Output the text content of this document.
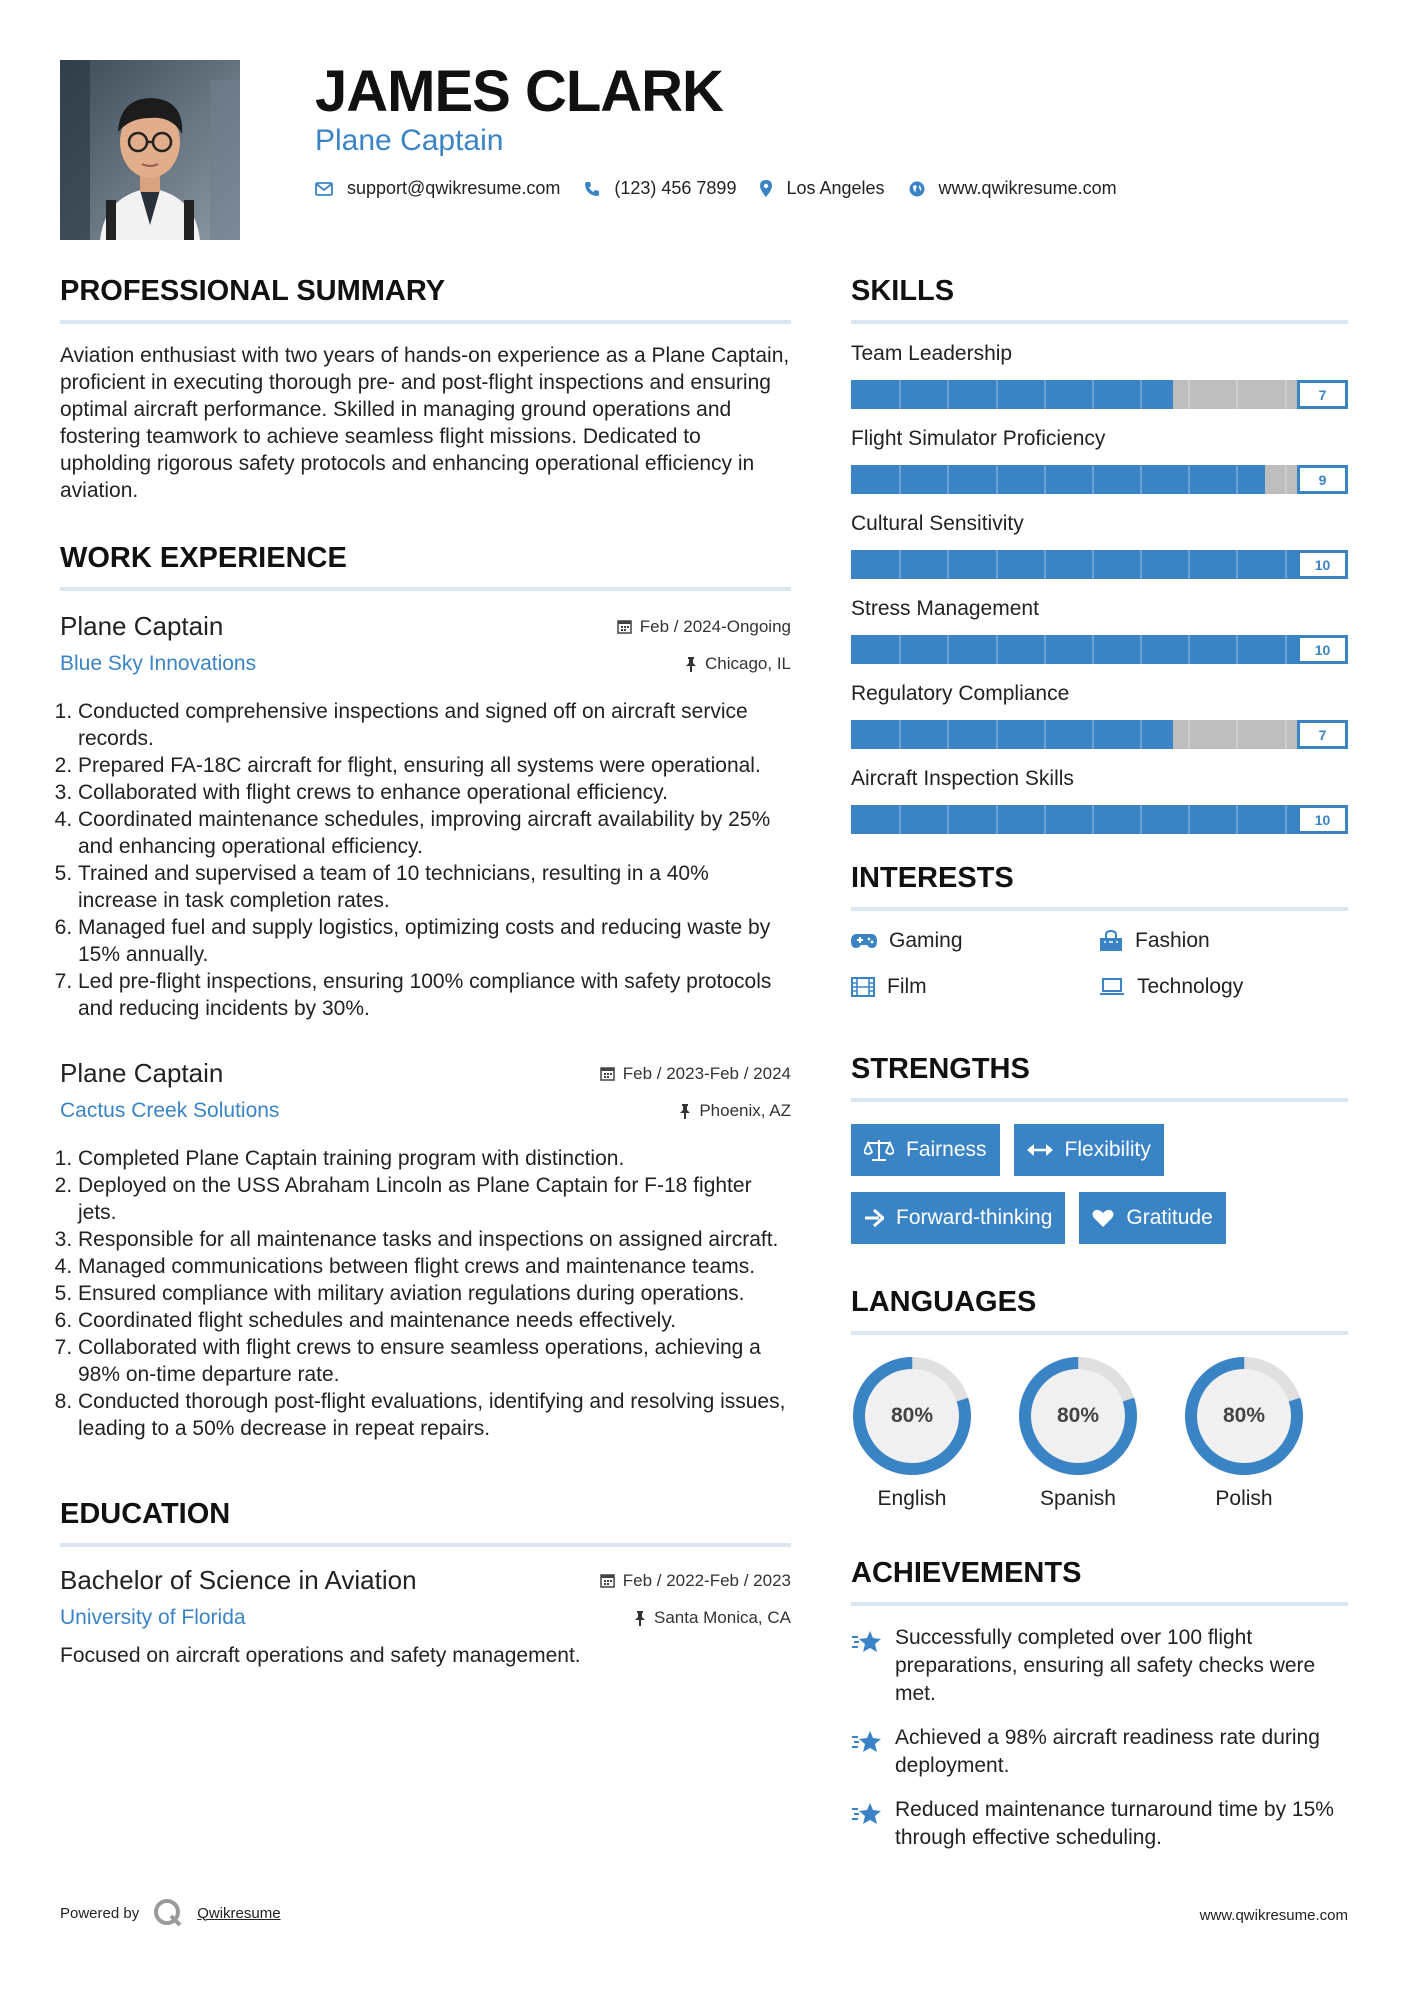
JAMES CLARK
Plane Captain
support@qwikresume.com	(123) 456 7899	Los Angeles	www.qwikresume.com
PROFESSIONAL SUMMARY
Aviation enthusiast with two years of hands-on experience as a Plane Captain, proficient in executing thorough pre- and post-flight inspections and ensuring optimal aircraft performance. Skilled in managing ground operations and fostering teamwork to achieve seamless flight missions. Dedicated to upholding rigorous safety protocols and enhancing operational efficiency in aviation.
WORK EXPERIENCE
Plane Captain	Feb / 2024-Ongoing
Blue Sky Innovations	Chicago, IL
1. Conducted comprehensive inspections and signed off on aircraft service records.
2. Prepared FA-18C aircraft for flight, ensuring all systems were operational.
3. Collaborated with flight crews to enhance operational efficiency.
4. Coordinated maintenance schedules, improving aircraft availability by 25% and enhancing operational efficiency.
5. Trained and supervised a team of 10 technicians, resulting in a 40% increase in task completion rates.
6. Managed fuel and supply logistics, optimizing costs and reducing waste by 15% annually.
7. Led pre-flight inspections, ensuring 100% compliance with safety protocols and reducing incidents by 30%.
Plane Captain	Feb / 2023-Feb / 2024
Cactus Creek Solutions	Phoenix, AZ
1. Completed Plane Captain training program with distinction.
2. Deployed on the USS Abraham Lincoln as Plane Captain for F-18 fighter jets.
3. Responsible for all maintenance tasks and inspections on assigned aircraft.
4. Managed communications between flight crews and maintenance teams.
5. Ensured compliance with military aviation regulations during operations.
6. Coordinated flight schedules and maintenance needs effectively.
7. Collaborated with flight crews to ensure seamless operations, achieving a 98% on-time departure rate.
8. Conducted thorough post-flight evaluations, identifying and resolving issues, leading to a 50% decrease in repeat repairs.
EDUCATION
Bachelor of Science in Aviation	Feb / 2022-Feb / 2023
University of Florida	Santa Monica, CA
Focused on aircraft operations and safety management.
SKILLS
Team Leadership
7
Flight Simulator Proficiency
9
Cultural Sensitivity
10
Stress Management
10
Regulatory Compliance
7
Aircraft Inspection Skills
10
INTERESTS
Gaming	Fashion
Film	Technology
STRENGTHS
Fairness	Flexibility
Forward-thinking	Gratitude
LANGUAGES
80%
English
80%
Spanish
80%
Polish
ACHIEVEMENTS
Successfully completed over 100 flight preparations, ensuring all safety checks were met.
Achieved a 98% aircraft readiness rate during deployment.
Reduced maintenance turnaround time by 15% through effective scheduling.
Powered by	Qwikresume	www.qwikresume.com
